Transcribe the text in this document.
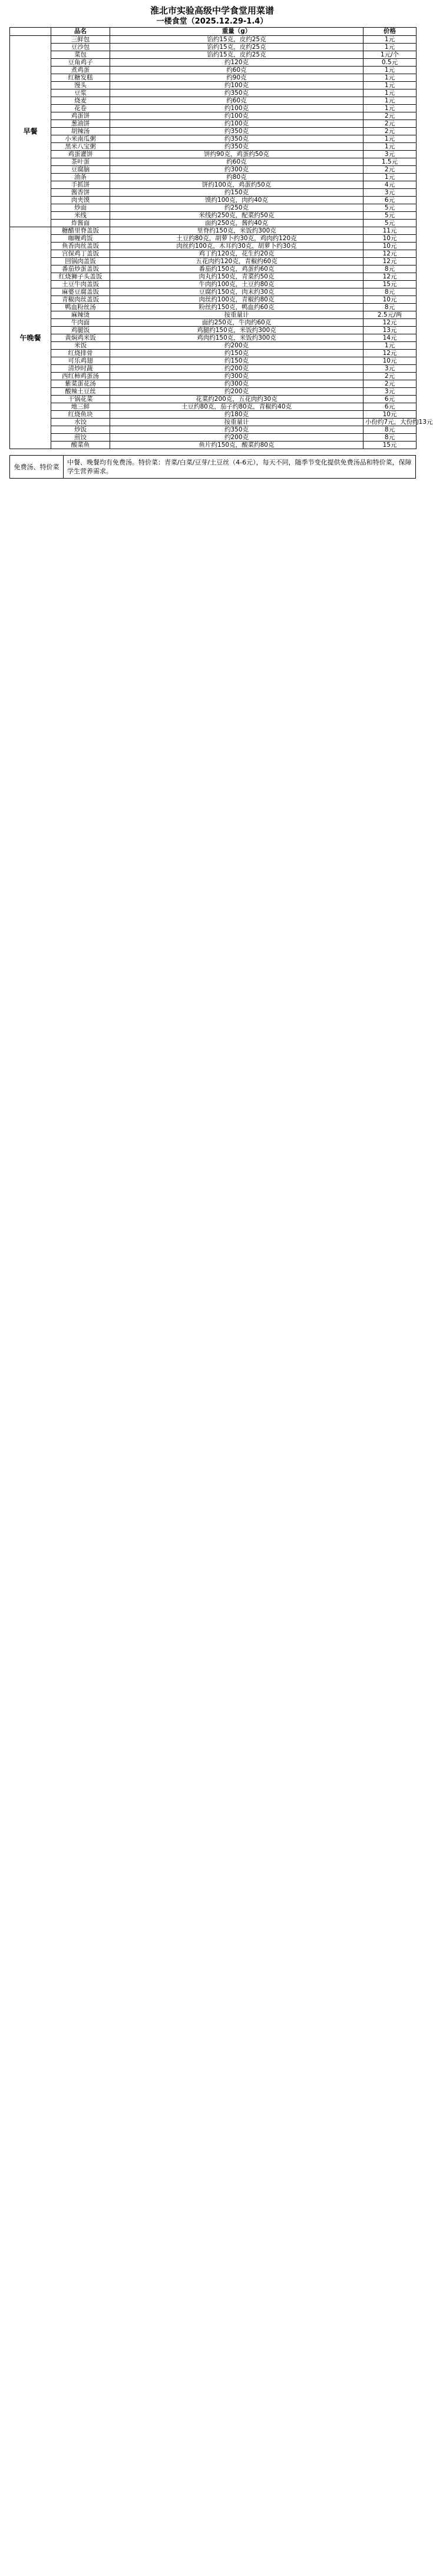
淮北市实验高级中学食堂用菜谱
一楼食堂（2025.12.29-1.4）
	品名	重量（g）	价格
早餐	三鲜包	馅约15克，皮约25克	1元
	豆沙包	馅约15克，皮约25克	1元
	菜包	馅约15克，皮约25克	1元/个
	豆角鸡子	约120克	0.5元
	煮鸡蛋	约60克	1元
	红糖发糕	约90克	1元
	馒头	约100克	1元
	豆浆	约350克	1元
	烧麦	约60克	1元
	花卷	约100克	1元
	鸡蛋饼	约100克	2元
	葱油饼	约100克	2元
	胡辣汤	约350克	2元
	小米南瓜粥	约350克	1元
	黑米八宝粥	约350克	1元
	鸡蛋灌饼	饼约90克，鸡蛋约50克	3元
	茶叶蛋	约60克	1.5元
	豆腐脑	约300克	2元
	油条	约80克	1元
	手抓饼	饼约100克，鸡蛋约50克	4元
	酱香饼	约150克	3元
	肉夹馍	馍约100克，肉约40克	6元
	炒面	约250克	5元
	米线	米线约250克，配菜约50克	5元
	炸酱面	面约250克，酱约40克	5元
午晚餐	糖醋里脊盖饭	里脊约150克，米饭约300克	11元
	咖喱鸡饭	土豆约80克，胡萝卜约30克，鸡肉约120克	10元
	鱼香肉丝盖饭	肉丝约100克，木耳约30克，胡萝卜约30克	10元
	宫保鸡丁盖饭	鸡丁约120克，花生约20克	12元
	回锅肉盖饭	五花肉约120克，青椒约60克	12元
	番茄炒蛋盖饭	番茄约150克，鸡蛋约60克	8元
	红烧狮子头盖饭	肉丸约150克，青菜约50克	12元
	土豆牛肉盖饭	牛肉约100克，土豆约80克	15元
	麻婆豆腐盖饭	豆腐约150克，肉末约30克	8元
	青椒肉丝盖饭	肉丝约100克，青椒约80克	10元
	鸭血粉丝汤	粉丝约150克，鸭血约60克	8元
	麻辣烫	按重量计	2.5元/两
	牛肉面	面约250克，牛肉约60克	12元
	鸡腿饭	鸡腿约150克，米饭约300克	13元
	黄焖鸡米饭	鸡肉约150克，米饭约300克	14元
	米饭	约200克	1元
	红烧排骨	约150克	12元
	可乐鸡翅	约150克	10元
	清炒时蔬	约200克	3元
	西红柿鸡蛋汤	约300克	2元
	紫菜蛋花汤	约300克	2元
	酸辣土豆丝	约200克	3元
	干锅花菜	花菜约200克，五花肉约30克	6元
	地三鲜	土豆约80克，茄子约80克，青椒约40克	6元
	红烧鱼块	约180克	10元
	水饺	按重量计	小份约7元，大份约13元
	炒饭	约350克	8元
	煎饺	约200克	8元
	酸菜鱼	鱼片约150克，酸菜约80克	15元
免费汤、特价菜	中餐、晚餐均有免费汤。特价菜：青菜/白菜/豆芽/土豆丝（4-6元），每天不同，随季节变化提供免费汤品和特价菜，保障学生营养需求。
